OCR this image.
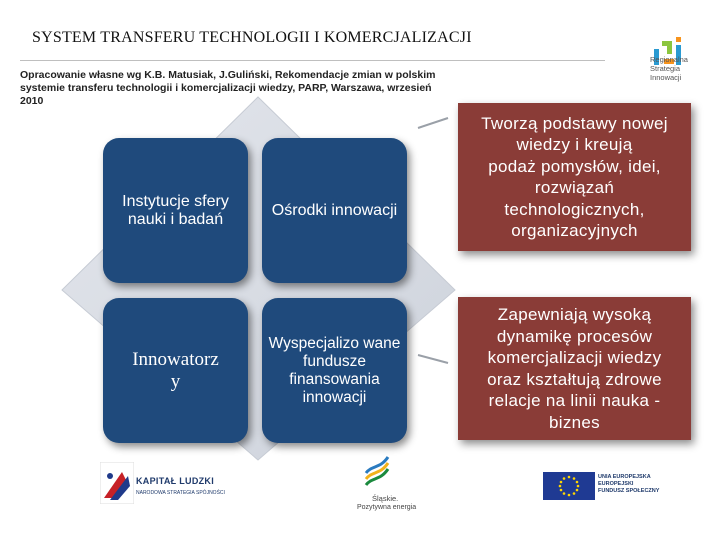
SYSTEM TRANSFERU TECHNOLOGII I KOMERCJALIZACJI
Opracowanie własne wg K.B. Matusiak, J.Guliński, Rekomendacje zmian w polskim
systemie transferu technologii i komercjalizacji wiedzy, PARP, Warszawa, wrzesień
2010
Regionalna
Strategia
Innowacji
Instytucje sfery nauki i badań
Ośrodki innowacji
Innowatorz
y
Wyspecjalizo wane fundusze finansowania innowacji
Tworzą podstawy nowej
wiedzy i kreują
podaż pomysłów, idei,
rozwiązań
technologicznych,
organizacyjnych
Zapewniają wysoką
dynamikę procesów
komercjalizacji wiedzy
oraz kształtują zdrowe
relacje na linii nauka -
biznes
KAPITAŁ LUDZKI
NARODOWA STRATEGIA SPÓJNOŚCI
Śląskie.
Pozytywna energia
UNIA EUROPEJSKA
EUROPEJSKI
FUNDUSZ SPOŁECZNY
